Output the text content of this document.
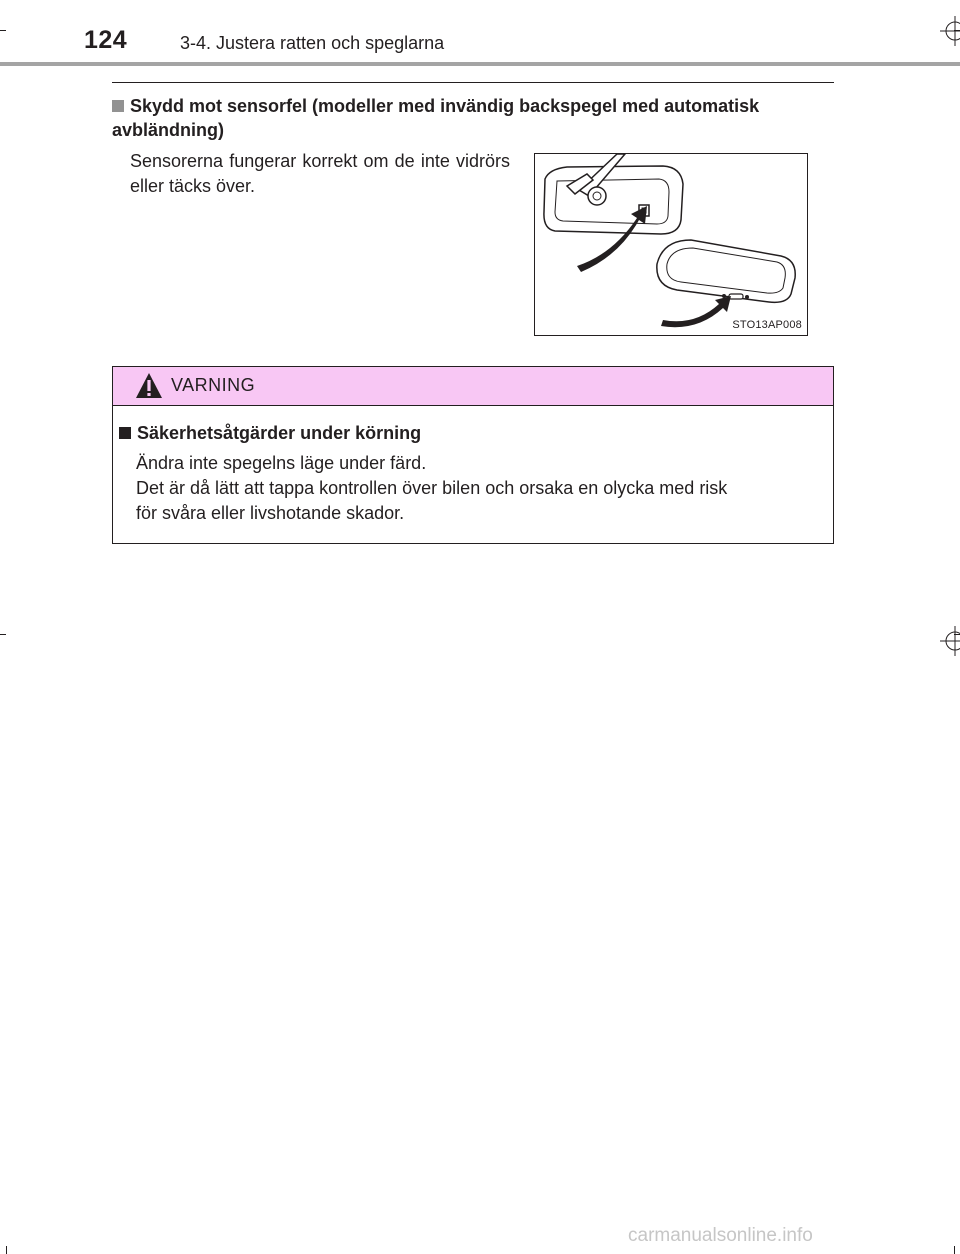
124	3-4. Justera ratten och speglarna
Skydd mot sensorfel (modeller med invändig backspegel med automatisk avbländning)
Sensorerna fungerar korrekt om de inte vidrörs eller täcks över.
STO13AP008
VARNING
Säkerhetsåtgärder under körning
Ändra inte spegelns läge under färd.
Det är då lätt att tappa kontrollen över bilen och orsaka en olycka med risk
för svåra eller livshotande skador.
carmanualsonline.info
